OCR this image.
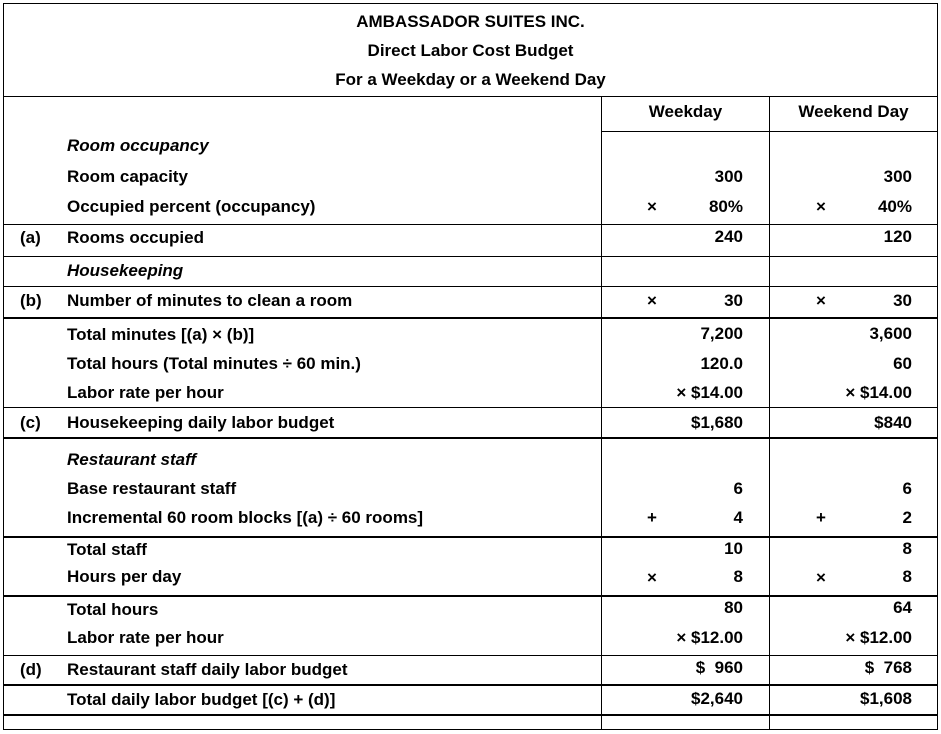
AMBASSADOR SUITES INC.
Direct Labor Cost Budget
For a Weekday or a Weekend Day
Weekday	Weekend Day
Room occupancy
Room capacity	300	300
Occupied percent (occupancy)	×	80%	×	40%
(a) Rooms occupied	240	120
Housekeeping
(b) Number of minutes to clean a room	×	30	×	30
Total minutes [(a) × (b)]	7,200	3,600
Total hours (Total minutes ÷ 60 min.)	120.0	60
Labor rate per hour	× $14.00	× $14.00
(c) Housekeeping daily labor budget	$1,680	$840
Restaurant staff
Base restaurant staff	6	6
Incremental 60 room blocks [(a) ÷ 60 rooms]	+	4	+	2
Total staff	10	8
Hours per day	×	8	×	8
Total hours	80	64
Labor rate per hour	× $12.00	× $12.00
(d) Restaurant staff daily labor budget	$  960	$  768
Total daily labor budget [(c) + (d)]	$2,640	$1,608
